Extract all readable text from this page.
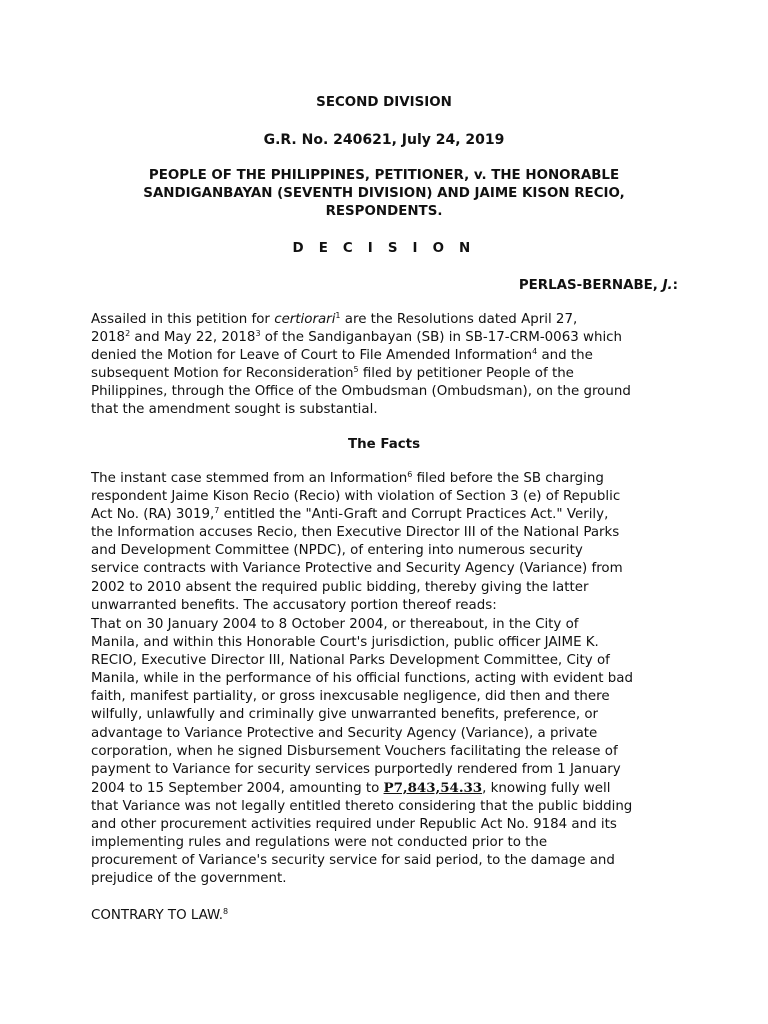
SECOND DIVISION
G.R. No. 240621, July 24, 2019
PEOPLE OF THE PHILIPPINES, PETITIONER, v. THE HONORABLE
SANDIGANBAYAN (SEVENTH DIVISION) AND JAIME KISON RECIO,
RESPONDENTS.
D E C I S I O N
PERLAS-BERNABE, J.:
Assailed in this petition for certiorari$^1$ are the Resolutions dated April 27,
2018$^2$ and May 22, 2018$^3$ of the Sandiganbayan (SB) in SB-17-CRM-0063 which
denied the Motion for Leave of Court to File Amended Information$^4$ and the
subsequent Motion for Reconsideration$^5$ filed by petitioner People of the
Philippines, through the Office of the Ombudsman (Ombudsman), on the ground
that the amendment sought is substantial.
The Facts
The instant case stemmed from an Information$^6$ filed before the SB charging
respondent Jaime Kison Recio (Recio) with violation of Section 3 (e) of Republic
Act No. (RA) 3019,$^7$ entitled the "Anti-Graft and Corrupt Practices Act." Verily,
the Information accuses Recio, then Executive Director III of the National Parks
and Development Committee (NPDC), of entering into numerous security
service contracts with Variance Protective and Security Agency (Variance) from
2002 to 2010 absent the required public bidding, thereby giving the latter
unwarranted benefits. The accusatory portion thereof reads:
That on 30 January 2004 to 8 October 2004, or thereabout, in the City of
Manila, and within this Honorable Court's jurisdiction, public officer JAIME K.
RECIO, Executive Director III, National Parks Development Committee, City of
Manila, while in the performance of his official functions, acting with evident bad
faith, manifest partiality, or gross inexcusable negligence, did then and there
wilfully, unlawfully and criminally give unwarranted benefits, preference, or
advantage to Variance Protective and Security Agency (Variance), a private
corporation, when he signed Disbursement Vouchers facilitating the release of
payment to Variance for security services purportedly rendered from 1 January
2004 to 15 September 2004, amounting to P7,843,54.33, knowing fully well
that Variance was not legally entitled thereto considering that the public bidding
and other procurement activities required under Republic Act No. 9184 and its
implementing rules and regulations were not conducted prior to the
procurement of Variance's security service for said period, to the damage and
prejudice of the government.
CONTRARY TO LAW.$^8$
